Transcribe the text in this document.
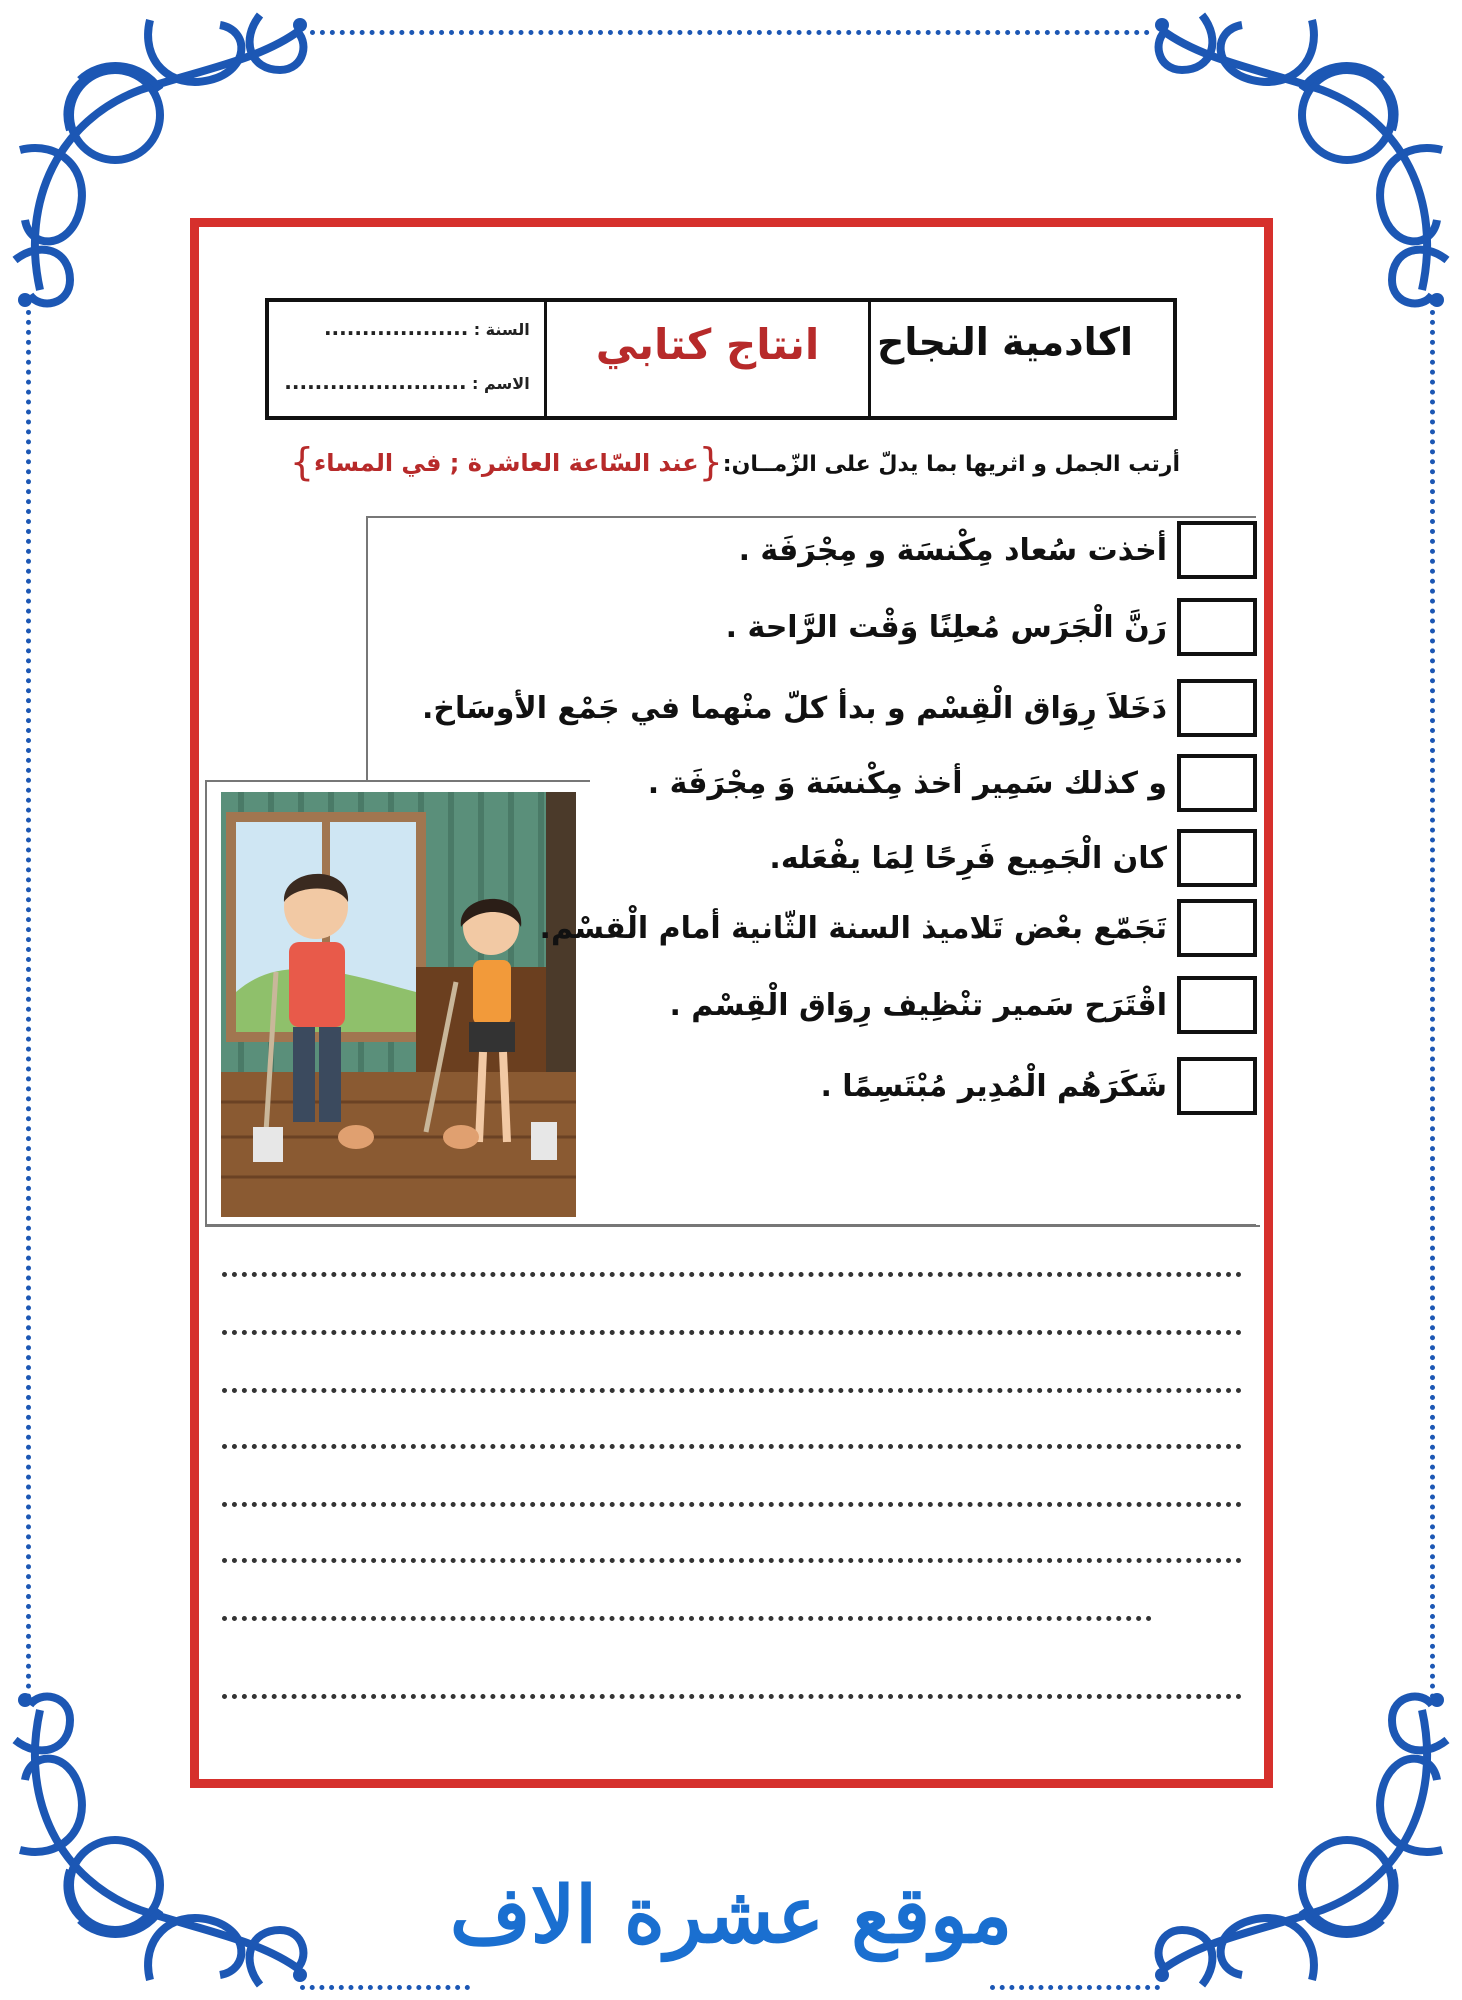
اكادمية النجاح
انتاج كتابي
السنة : ...................
الاسم : ........................
أرتب الجمل و اثريها بما يدلّ على الزّمــان:{عند السّاعة العاشرة ; في المساء}
أخذت سُعاد مِكْنسَة و مِجْرَفَة .
رَنَّ الْجَرَس مُعلِنًا وَقْت الرَّاحة .
دَخَلاَ رِوَاق الْقِسْم و بدأ كلّ منْهما في جَمْع الأوسَاخ.
و كذلك سَمِير أخذ مِكْنسَة وَ مِجْرَفَة .
كان الْجَمِيع فَرِحًا لِمَا يفْعَله.
تَجَمّع بعْض تَلاميذ السنة الثّانية أمام الْقسْم.
اقْتَرَح سَمير تنْظِيف رِوَاق الْقِسْم .
شَكَرَهُم الْمُدِير مُبْتَسِمًا .
موقع عشرة الاف
